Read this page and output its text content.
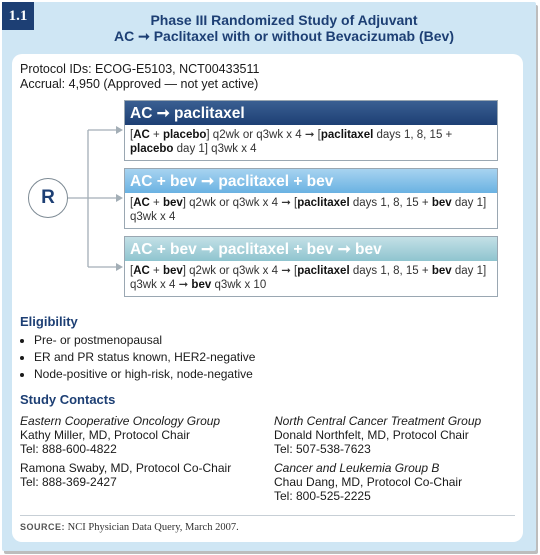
1.1	Phase III Randomized Study of Adjuvant
AC ➞ Paclitaxel with or without Bevacizumab (Bev)
Protocol IDs: ECOG-E5103, NCT00433511
Accrual: 4,950 (Approved — not yet active)
R
AC ➞ paclitaxel
[AC + placebo] q2wk or q3wk x 4 ➞ [paclitaxel days 1, 8, 15 + placebo day 1] q3wk x 4
AC + bev ➞ paclitaxel + bev
[AC + bev] q2wk or q3wk x 4 ➞ [paclitaxel days 1, 8, 15 + bev day 1] q3wk x 4
AC + bev ➞ paclitaxel + bev ➞ bev
[AC + bev] q2wk or q3wk x 4 ➞ [paclitaxel days 1, 8, 15 + bev day 1] q3wk x 4 ➞ bev q3wk x 10
Eligibility
• Pre- or postmenopausal
• ER and PR status known, HER2-negative
• Node-positive or high-risk, node-negative
Study Contacts
Eastern Cooperative Oncology Group
Kathy Miller, MD, Protocol Chair
Tel: 888-600-4822
Ramona Swaby, MD, Protocol Co-Chair
Tel: 888-369-2427
North Central Cancer Treatment Group
Donald Northfelt, MD, Protocol Chair
Tel: 507-538-7623
Cancer and Leukemia Group B
Chau Dang, MD, Protocol Co-Chair
Tel: 800-525-2225
SOURCE: NCI Physician Data Query, March 2007.
